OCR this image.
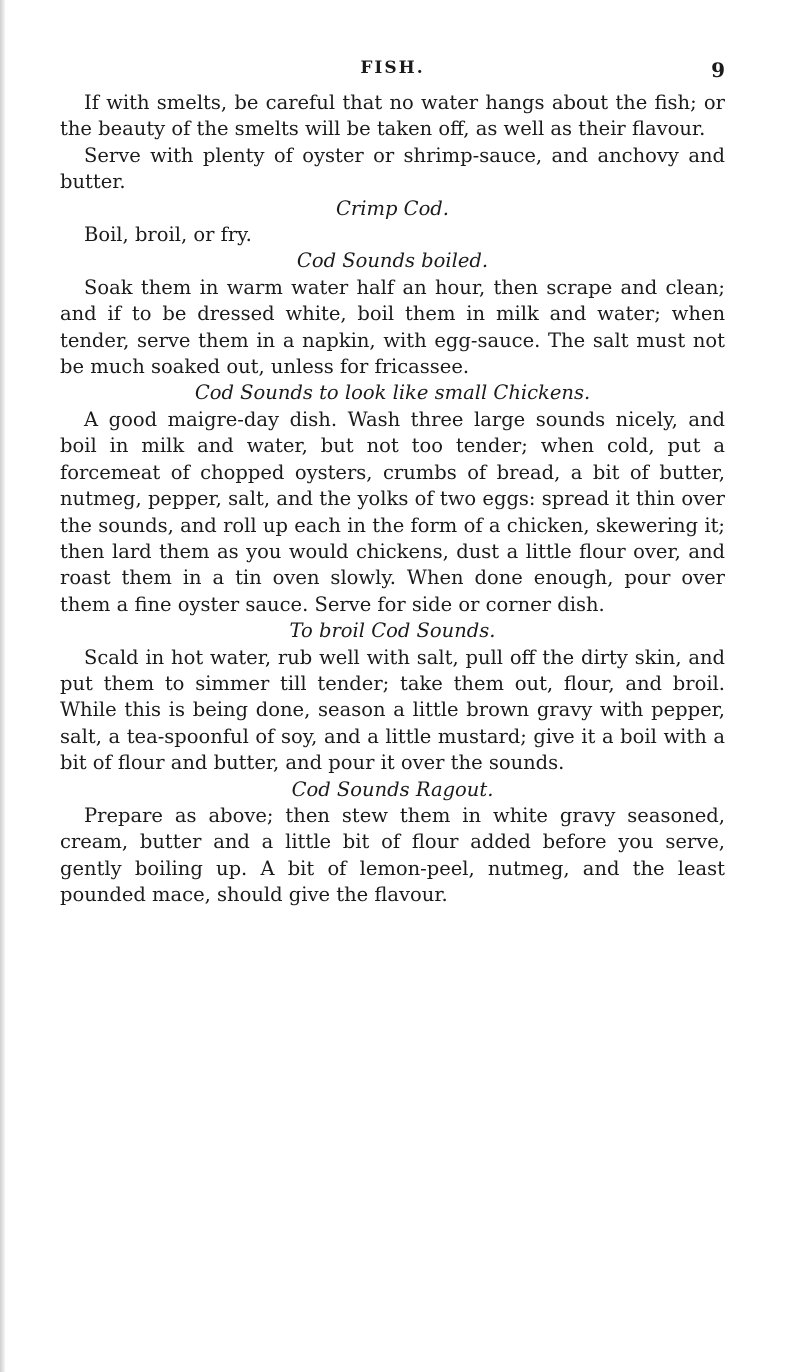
FISH.	9

If with smelts, be careful that no water hangs about the fish; or the beauty of the smelts will be taken off, as well as their flavour.

Serve with plenty of oyster or shrimp-sauce, and anchovy and butter.

Crimp Cod.

Boil, broil, or fry.

Cod Sounds boiled.

Soak them in warm water half an hour, then scrape and clean; and if to be dressed white, boil them in milk and water; when tender, serve them in a napkin, with egg-sauce. The salt must not be much soaked out, unless for fricassee.

Cod Sounds to look like small Chickens.

A good maigre-day dish. Wash three large sounds nicely, and boil in milk and water, but not too tender; when cold, put a forcemeat of chopped oysters, crumbs of bread, a bit of butter, nutmeg, pepper, salt, and the yolks of two eggs: spread it thin over the sounds, and roll up each in the form of a chicken, skewering it; then lard them as you would chickens, dust a little flour over, and roast them in a tin oven slowly. When done enough, pour over them a fine oyster sauce. Serve for side or corner dish.

To broil Cod Sounds.

Scald in hot water, rub well with salt, pull off the dirty skin, and put them to simmer till tender; take them out, flour, and broil. While this is being done, season a little brown gravy with pepper, salt, a tea-spoonful of soy, and a little mustard; give it a boil with a bit of flour and butter, and pour it over the sounds.

Cod Sounds Ragout.

Prepare as above; then stew them in white gravy seasoned, cream, butter and a little bit of flour added before you serve, gently boiling up. A bit of lemon-peel, nutmeg, and the least pounded mace, should give the flavour.
